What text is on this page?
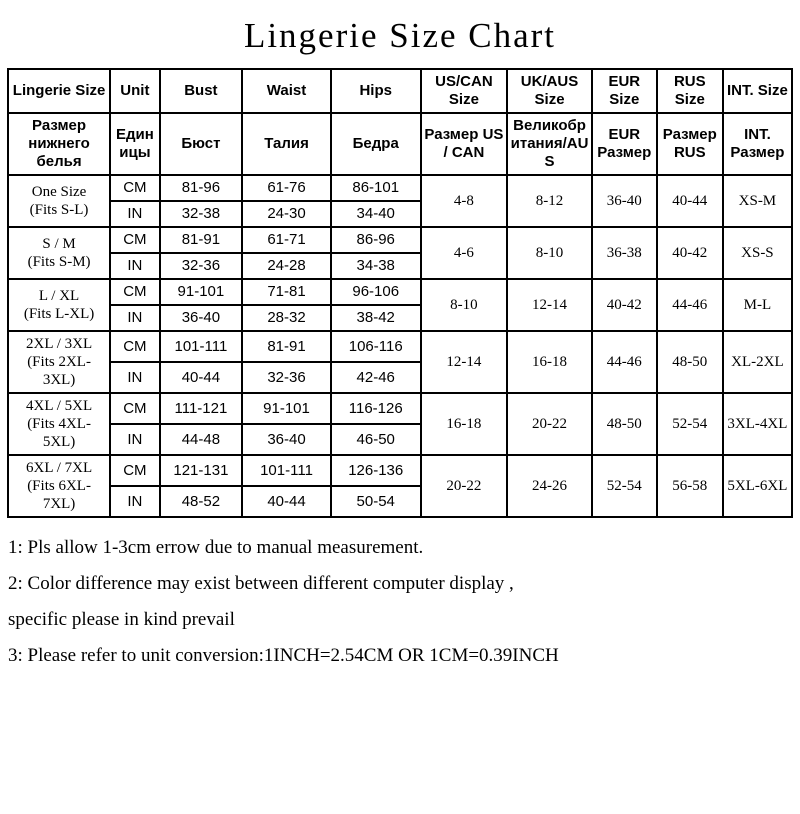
Lingerie Size Chart
Lingerie Size	Unit	Bust	Waist	Hips	US/CAN Size	UK/AUS Size	EUR Size	RUS Size	INT. Size
Размер нижнего белья	Единицы	Бюст	Талия	Бедра	Размер US / CAN	Великобритания/AUS	EUR Размер	Размер RUS	INT. Размер
One Size
(Fits S-L)	CM	81-96	61-76	86-101	4-8	8-12	36-40	40-44	XS-M
	IN	32-38	24-30	34-40					
S / M
(Fits S-M)	CM	81-91	61-71	86-96	4-6	8-10	36-38	40-42	XS-S
	IN	32-36	24-28	34-38					
L / XL
(Fits L-XL)	CM	91-101	71-81	96-106	8-10	12-14	40-42	44-46	M-L
	IN	36-40	28-32	38-42					
2XL / 3XL
(Fits 2XL-3XL)	CM	101-111	81-91	106-116	12-14	16-18	44-46	48-50	XL-2XL
	IN	40-44	32-36	42-46					
4XL / 5XL
(Fits 4XL-5XL)	CM	111-121	91-101	116-126	16-18	20-22	48-50	52-54	3XL-4XL
	IN	44-48	36-40	46-50					
6XL / 7XL
(Fits 6XL-7XL)	CM	121-131	101-111	126-136	20-22	24-26	52-54	56-58	5XL-6XL
	IN	48-52	40-44	50-54					

1: Pls allow 1-3cm errow due to manual measurement.

2: Color difference may exist between different computer display ,

specific please in kind prevail

3: Please refer to unit conversion:1INCH=2.54CM OR 1CM=0.39INCH
